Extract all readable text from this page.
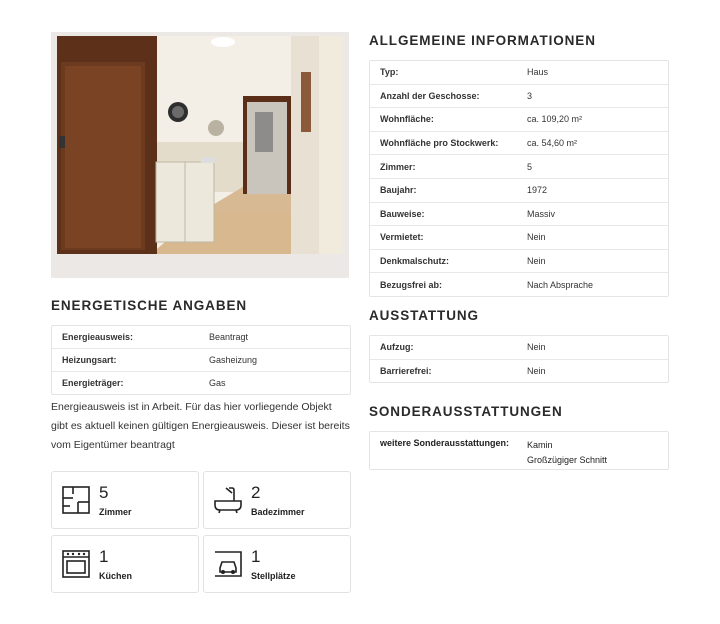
ALLGEMEINE INFORMATIONEN
Typ:	Haus
Anzahl der Geschosse:	3
Wohnfläche:	ca. 109,20 m²
Wohnfläche pro Stockwerk:	ca. 54,60 m²
Zimmer:	5
Baujahr:	1972
Bauweise:	Massiv
Vermietet:	Nein
Denkmalschutz:	Nein
Bezugsfrei ab:	Nach Absprache
ENERGETISCHE ANGABEN
Energieausweis:	Beantragt
Heizungsart:	Gasheizung
Energieträger:	Gas

Energieausweis ist in Arbeit. Für das hier vorliegende Objekt gibt es aktuell keinen gültigen Energieausweis. Dieser ist bereits vom Eigentümer beantragt

AUSSTATTUNG
Aufzug:	Nein
Barrierefrei:	Nein
SONDERAUSSTATTUNGEN
weitere Sonderausstattungen:	Kamin
Großzügiger Schnitt
5
Zimmer
2
Badezimmer
1
Küchen
1
Stellplätze
